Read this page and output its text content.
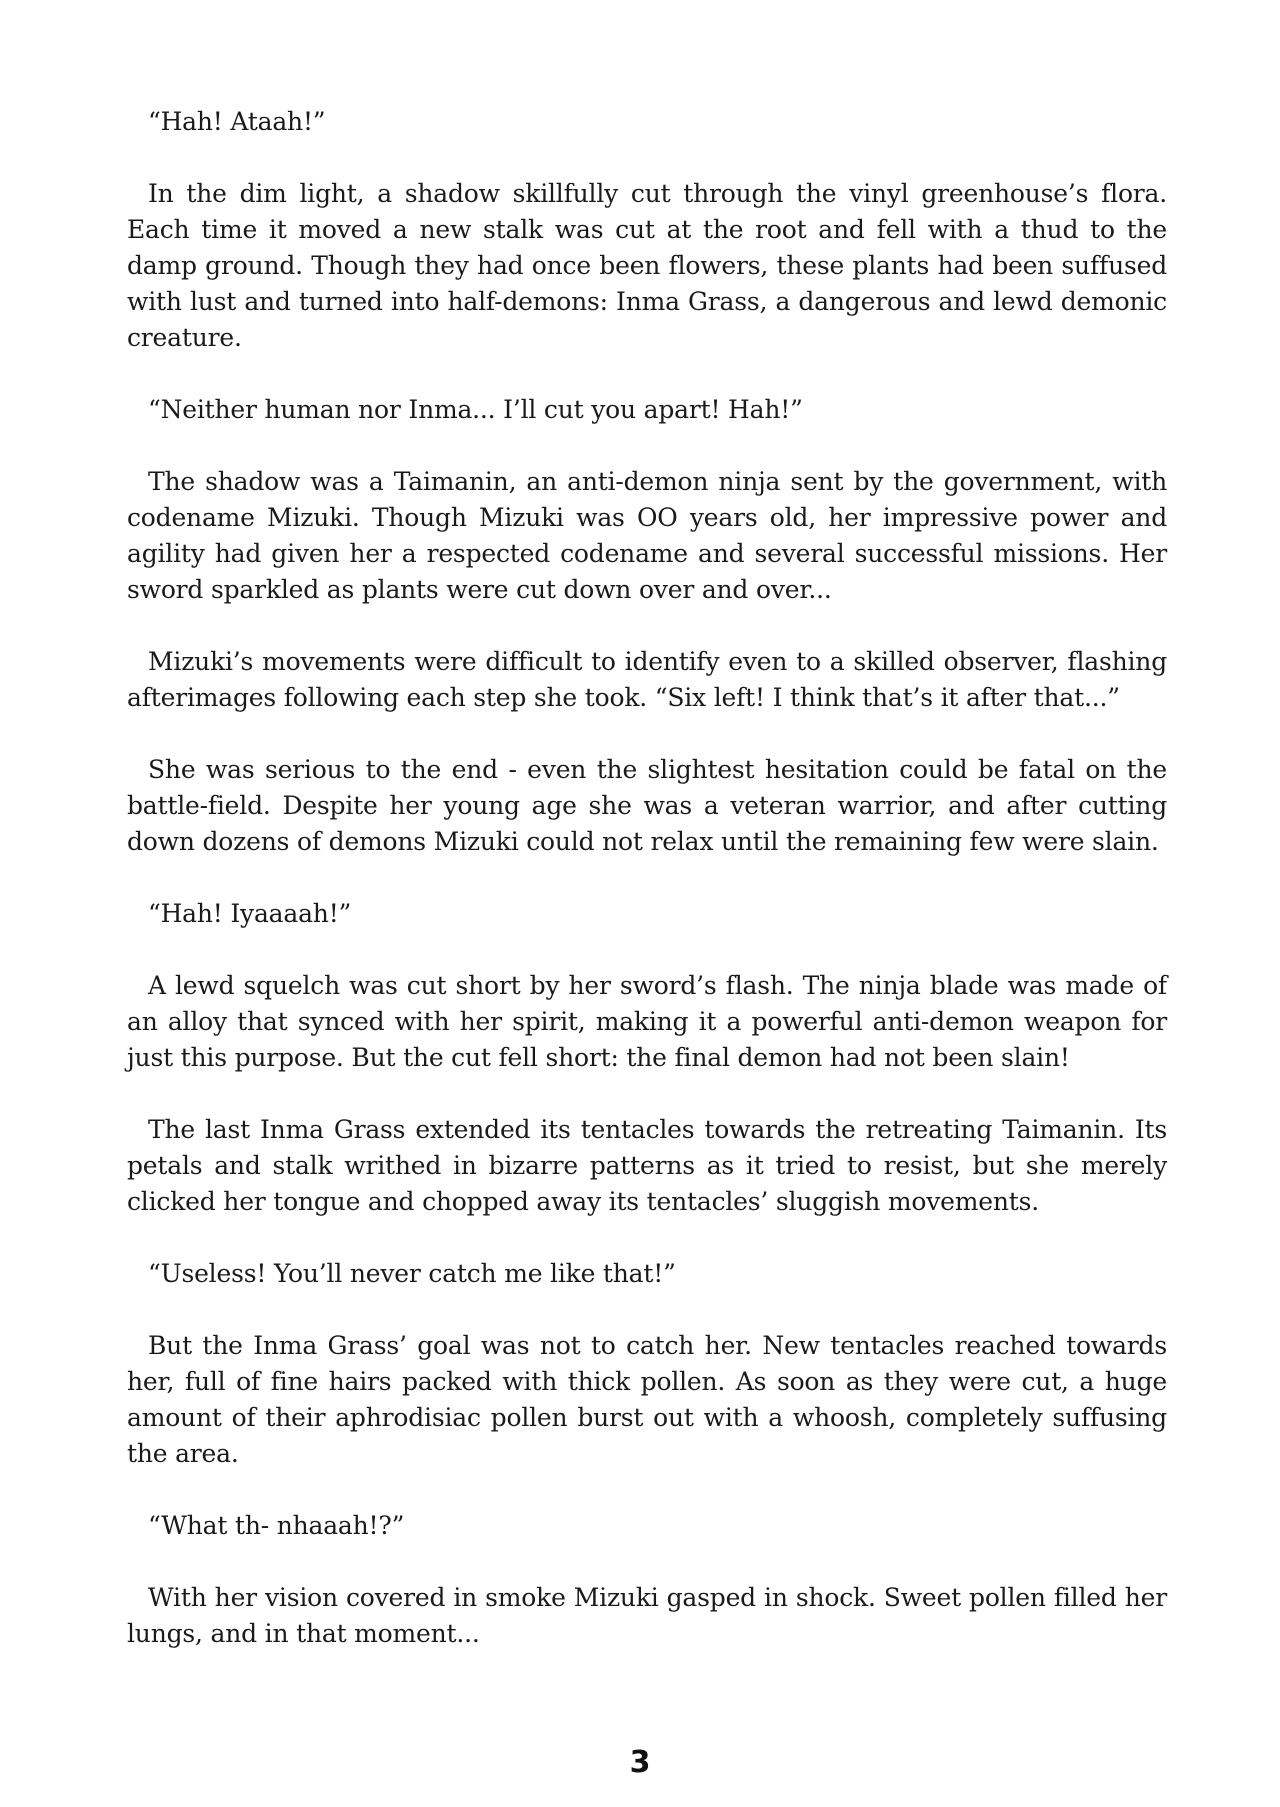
“Hah! Ataah!”

In the dim light, a shadow skillfully cut through the vinyl greenhouse’s flora. Each time it moved a new stalk was cut at the root and fell with a thud to the damp ground. Though they had once been flowers, these plants had been suffused with lust and turned into half-demons: Inma Grass, a dangerous and lewd demonic creature.

“Neither human nor Inma... I’ll cut you apart! Hah!”

The shadow was a Taimanin, an anti-demon ninja sent by the government, with codename Mizuki. Though Mizuki was OO years old, her impressive power and agility had given her a respected codename and several successful missions. Her sword sparkled as plants were cut down over and over...

Mizuki’s movements were difficult to identify even to a skilled observer, flashing afterimages following each step she took. “Six left! I think that’s it after that...”

She was serious to the end - even the slightest hesitation could be fatal on the battle-field. Despite her young age she was a veteran warrior, and after cutting down dozens of demons Mizuki could not relax until the remaining few were slain.

“Hah! Iyaaaah!”

A lewd squelch was cut short by her sword’s flash. The ninja blade was made of an alloy that synced with her spirit, making it a powerful anti-demon weapon for just this purpose. But the cut fell short: the final demon had not been slain!

The last Inma Grass extended its tentacles towards the retreating Taimanin. Its petals and stalk writhed in bizarre patterns as it tried to resist, but she merely clicked her tongue and chopped away its tentacles’ sluggish movements.

“Useless! You’ll never catch me like that!”

But the Inma Grass’ goal was not to catch her. New tentacles reached towards her, full of fine hairs packed with thick pollen. As soon as they were cut, a huge amount of their aphrodisiac pollen burst out with a whoosh, completely suffusing the area.

“What th- nhaaah!?”

With her vision covered in smoke Mizuki gasped in shock. Sweet pollen filled her lungs, and in that moment...

3
